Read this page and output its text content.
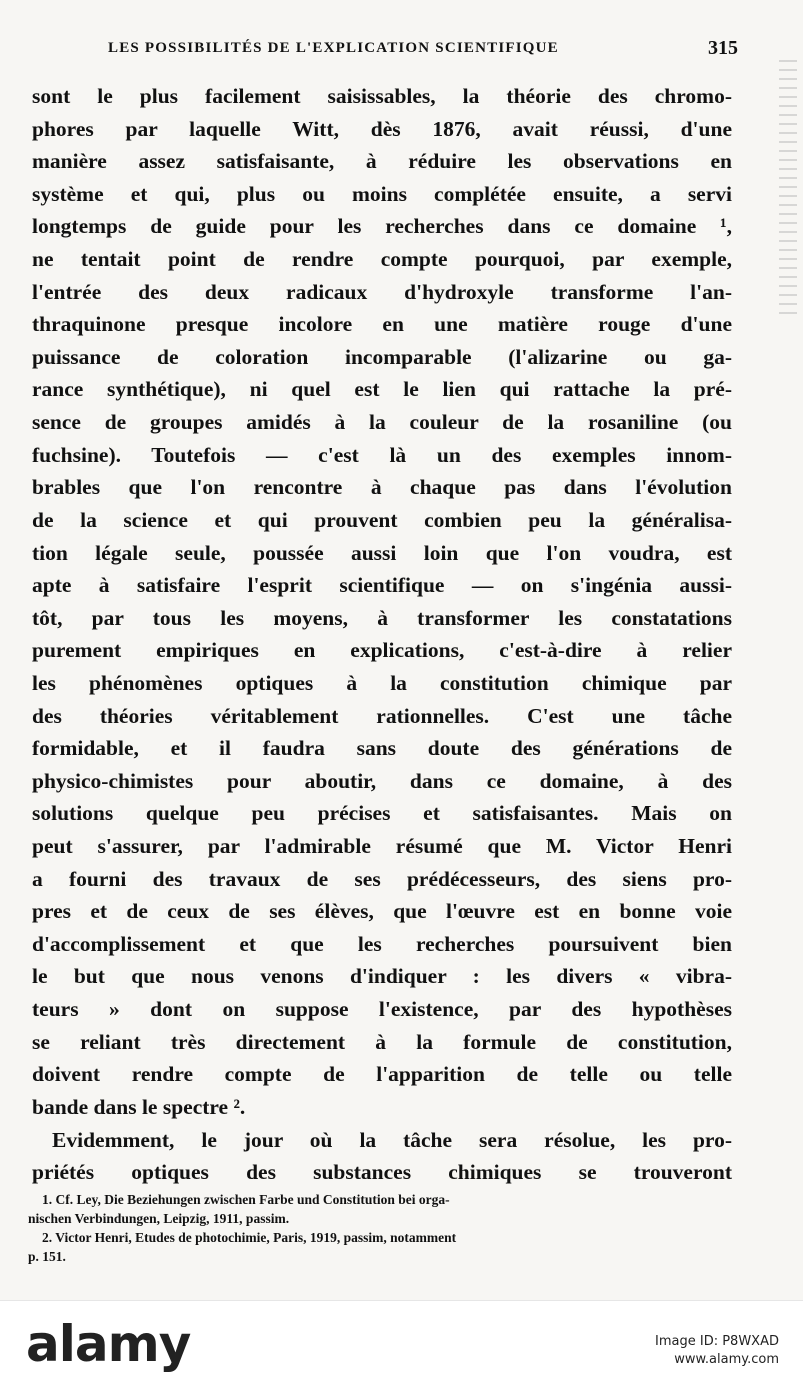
LES POSSIBILITÉS DE L'EXPLICATION SCIENTIFIQUE	315
sont le plus facilement saisissables, la théorie des chromo-
phores par laquelle Witt, dès 1876, avait réussi, d'une
manière assez satisfaisante, à réduire les observations en
système et qui, plus ou moins complétée ensuite, a servi
longtemps de guide pour les recherches dans ce domaine ¹,
ne tentait point de rendre compte pourquoi, par exemple,
l'entrée des deux radicaux d'hydroxyle transforme l'an-
thraquinone presque incolore en une matière rouge d'une
puissance de coloration incomparable (l'alizarine ou ga-
rance synthétique), ni quel est le lien qui rattache la pré-
sence de groupes amidés à la couleur de la rosaniline (ou
fuchsine). Toutefois — c'est là un des exemples innom-
brables que l'on rencontre à chaque pas dans l'évolution
de la science et qui prouvent combien peu la généralisa-
tion légale seule, poussée aussi loin que l'on voudra, est
apte à satisfaire l'esprit scientifique — on s'ingénia aussi-
tôt, par tous les moyens, à transformer les constatations
purement empiriques en explications, c'est-à-dire à relier
les phénomènes optiques à la constitution chimique par
des théories véritablement rationnelles. C'est une tâche
formidable, et il faudra sans doute des générations de
physico-chimistes pour aboutir, dans ce domaine, à des
solutions quelque peu précises et satisfaisantes. Mais on
peut s'assurer, par l'admirable résumé que M. Victor Henri
a fourni des travaux de ses prédécesseurs, des siens pro-
pres et de ceux de ses élèves, que l'œuvre est en bonne voie
d'accomplissement et que les recherches poursuivent bien
le but que nous venons d'indiquer : les divers « vibra-
teurs » dont on suppose l'existence, par des hypothèses
se reliant très directement à la formule de constitution,
doivent rendre compte de l'apparition de telle ou telle
bande dans le spectre ².
Evidemment, le jour où la tâche sera résolue, les pro-
priétés optiques des substances chimiques se trouveront
1. Cf. Ley, Die Beziehungen zwischen Farbe und Constitution bei orga-
nischen Verbindungen, Leipzig, 1911, passim.
2. Victor Henri, Etudes de photochimie, Paris, 1919, passim, notamment
p. 151.
alamy	Image ID: P8WXAD
www.alamy.com
